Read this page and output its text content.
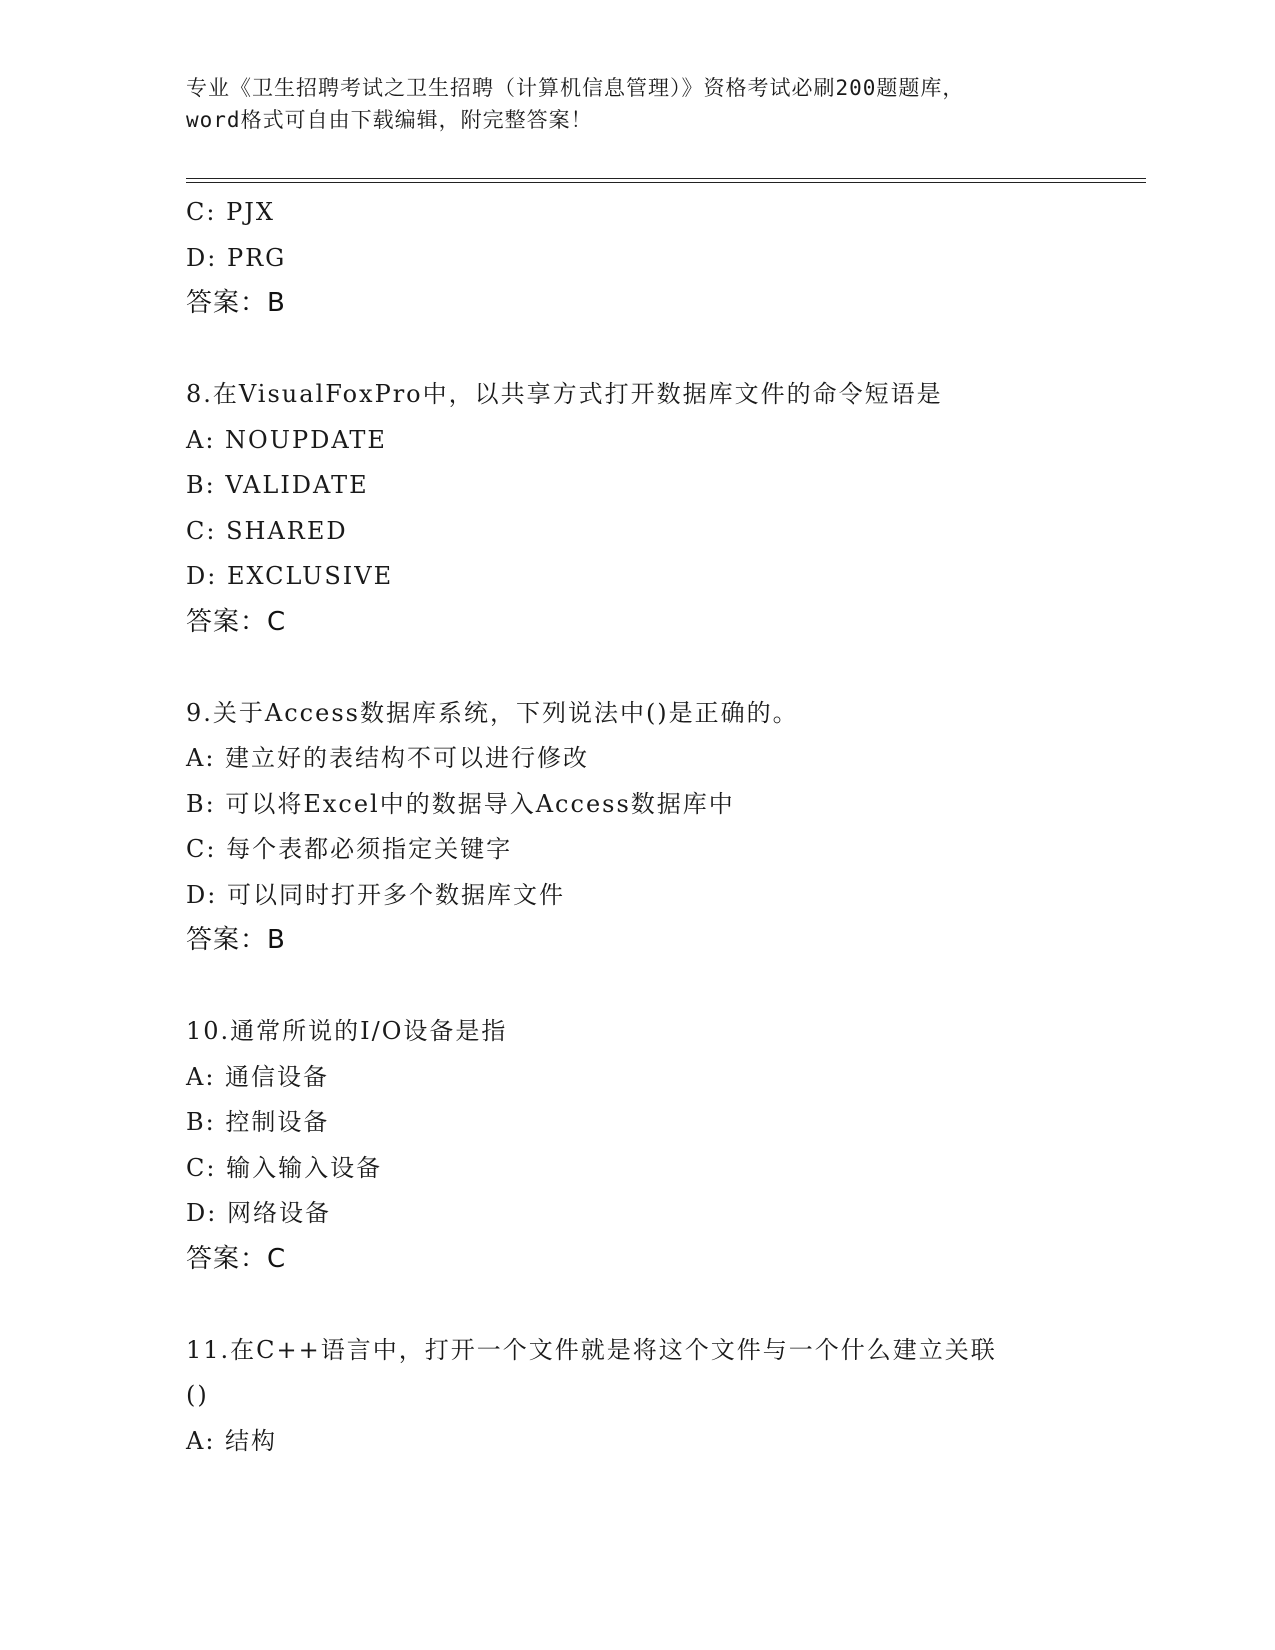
专业《卫生招聘考试之卫生招聘（计算机信息管理）》资格考试必刷200题题库，
word格式可自由下载编辑，附完整答案！
C: PJX
D: PRG
答案：B
8.在VisualFoxPro中，以共享方式打开数据库文件的命令短语是
A: NOUPDATE
B: VALIDATE
C: SHARED
D: EXCLUSIVE
答案：C
9.关于Access数据库系统，下列说法中()是正确的。
A: 建立好的表结构不可以进行修改
B: 可以将Excel中的数据导入Access数据库中
C: 每个表都必须指定关键字
D: 可以同时打开多个数据库文件
答案：B
10.通常所说的I/O设备是指
A: 通信设备
B: 控制设备
C: 输入输入设备
D: 网络设备
答案：C
11.在C++语言中，打开一个文件就是将这个文件与一个什么建立关联
()
A: 结构
